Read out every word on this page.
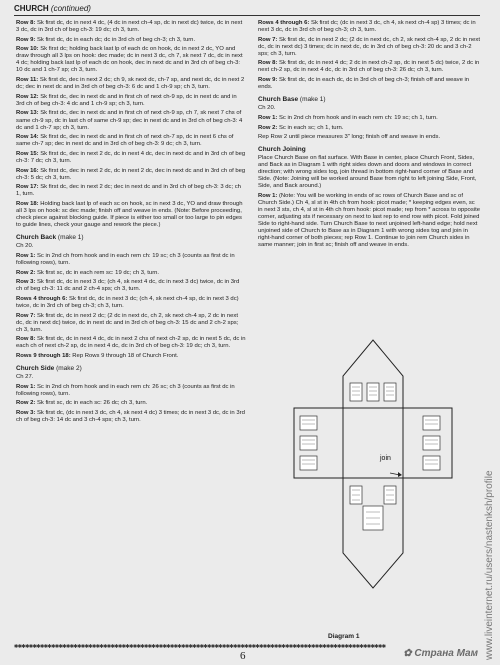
CHURCH (continued)

Row 8: Sk first dc, dc in next 4 dc, (4 dc in next ch-4 sp, dc in next dc) twice, dc in next 3 dc, dc in 3rd ch of beg ch-3: 19 dc; ch 3, turn.

Row 9: Sk first dc, dc in each dc; dc in 3rd ch of beg ch-3; ch 3, turn.

Row 10: Sk first dc; holding back last lp of each dc on hook, dc in next 2 dc, YO and draw through all 3 lps on hook: dec made; dc in next 3 dc, ch 7, sk next 7 dc, dc in next 4 dc; holding back last lp of each dc on hook, dec in next dc and in 3rd ch of beg ch-3: 10 dc and 1 ch-7 sp; ch 3, turn.

Row 11: Sk first dc, dec in next 2 dc; ch 9, sk next dc, ch-7 sp, and next dc, dc in next 2 dc; dec in next dc and in 3rd ch of beg ch-3: 6 dc and 1 ch-9 sp; ch 3, turn.

Row 12: Sk first dc, dec in next dc and in first ch of next ch-9 sp, dc in next dc and in 3rd ch of beg ch-3: 4 dc and 1 ch-9 sp; ch 3, turn.

Row 13: Sk first dc, dec in next dc and in first ch of next ch-9 sp, ch 7, sk next 7 chs of same ch-9 sp, dc in last ch of same ch-9 sp; dec in next dc and in 3rd ch of beg ch-3: 4 dc and 1 ch-7 sp; ch 3, turn.

Row 14: Sk first dc, dec in next dc and in first ch of next ch-7 sp, dc in next 6 chs of same ch-7 sp; dec in next dc and in 3rd ch of beg ch-3: 9 dc; ch 3, turn.

Row 15: Sk first dc, dec in next 2 dc, dc in next 4 dc, dec in next dc and in 3rd ch of beg ch-3: 7 dc; ch 3, turn.

Row 16: Sk first dc, dec in next 2 dc, dc in next 2 dc, dec in next dc and in 3rd ch of beg ch-3: 5 dc; ch 3, turn.

Row 17: Sk first dc, dec in next 2 dc; dec in next dc and in 3rd ch of beg ch-3: 3 dc; ch 1, turn.

Row 18: Holding back last lp of each sc on hook, sc in next 3 dc, YO and draw through all 3 lps on hook: sc dec made; finish off and weave in ends. (Note: Before proceeding, check piece against blocking guide. If piece is either too small or too large to pin edges to guide lines, check your gauge and rework the piece.)

Church Back (make 1)

Ch 20.

Row 1: Sc in 2nd ch from hook and in each rem ch: 19 sc; ch 3 (counts as first dc in following rows), turn.

Row 2: Sk first sc, dc in each rem sc: 19 dc; ch 3, turn.

Row 3: Sk first dc, dc in next 3 dc; (ch 4, sk next 4 dc, dc in next 3 dc) twice, dc in 3rd ch of beg ch-3: 11 dc and 2 ch-4 sps; ch 3, turn.

Rows 4 through 6: Sk first dc, dc in next 3 dc; (ch 4, sk next ch-4 sp, dc in next 3 dc) twice, dc in 3rd ch of beg ch-3; ch 3, turn.

Row 7: Sk first dc, dc in next 2 dc; (2 dc in next dc, ch 2, sk next ch-4 sp, 2 dc in next dc, dc in next dc) twice, dc in next dc and in 3rd ch of beg ch-3: 15 dc and 2 ch-2 sps; ch 3, turn.

Row 8: Sk first dc, dc in next 4 dc, dc in next 2 chs of next ch-2 sp, dc in next 5 dc, dc in each ch of next ch-2 sp, dc in next 4 dc, dc in 3rd ch of beg ch-3: 19 dc; ch 3, turn.

Rows 9 through 18: Rep Rows 9 through 18 of Church Front.

Church Side (make 2)

Ch 27.

Row 1: Sc in 2nd ch from hook and in each rem ch: 26 sc; ch 3 (counts as first dc in following rows), turn.

Row 2: Sk first sc, dc in each sc: 26 dc; ch 3, turn.

Row 3: Sk first dc, (dc in next 3 dc, ch 4, sk next 4 dc) 3 times; dc in next 3 dc, dc in 3rd ch of beg ch-3: 14 dc and 3 ch-4 sps; ch 3, turn.

Rows 4 through 6: Sk first dc; (dc in next 3 dc, ch 4, sk next ch-4 sp) 3 times; dc in next 3 dc, dc in 3rd ch of beg ch-3; ch 3, turn.

Row 7: Sk first dc, dc in next 2 dc; (2 dc in next dc, ch 2, sk next ch-4 sp, 2 dc in next dc, dc in next dc) 3 times; dc in next dc, dc in 3rd ch of beg ch-3: 20 dc and 3 ch-2 sps; ch 3, turn.

Row 8: Sk first dc, dc in next 4 dc; 2 dc in next ch-2 sp, dc in next 5 dc) twice, 2 dc in next ch-2 sp, dc in next 4 dc, dc in 3rd ch of beg ch-3: 26 dc; ch 3, turn.

Row 9: Sk first dc, dc in each dc, dc in 3rd ch of beg ch-3; finish off and weave in ends.

Church Base (make 1)

Ch 20.

Row 1: Sc in 2nd ch from hook and in each rem ch: 19 sc; ch 1, turn.

Row 2: Sc in each sc; ch 1, turn.

Rep Row 2 until piece measures 3" long; finish off and weave in ends.

Church Joining

Place Church Base on flat surface. With Base in center, place Church Front, Sides, and Back as in Diagram 1 with right sides down and doors and windows in correct direction; with wrong sides tog, join thread in bottom right-hand corner of Base and Side. (Note: Joining will be worked around Base from right to left joining Side, Front, Side, and Back around.)

Row 1: (Note: You will be working in ends of sc rows of Church Base and sc of Church Side.) Ch 4, sl st in 4th ch from hook: picot made; * keeping edges even, sc in next 3 sts, ch 4, sl st in 4th ch from hook: picot made; rep from * across to opposite corner, adjusting sts if necessary on next to last rep to end row with picot. Fold joined Side to right-hand side. Turn Church Base to next unjoined left-hand edge; hold next unjoined side of Church to Base as in Diagram 1 with wrong sides tog and join in right-hand corner of both pieces; rep Row 1. Continue to join rem Church sides in same manner; join in first sc; finish off and weave in ends.

join
Diagram 1
✱✱✱✱✱✱✱✱✱✱✱✱✱✱✱✱✱✱✱✱✱✱✱✱✱✱✱✱✱✱✱✱✱✱✱✱✱✱✱✱✱✱✱✱✱✱✱✱✱✱✱✱✱✱✱✱✱✱✱✱✱✱✱✱✱✱✱✱✱✱✱✱✱✱✱✱✱✱✱✱✱✱✱✱✱✱✱✱✱✱✱✱✱✱✱✱✱✱✱✱
6	www.liveinternet.ru/users/nastenksh/profile
✿ Страна Мам
